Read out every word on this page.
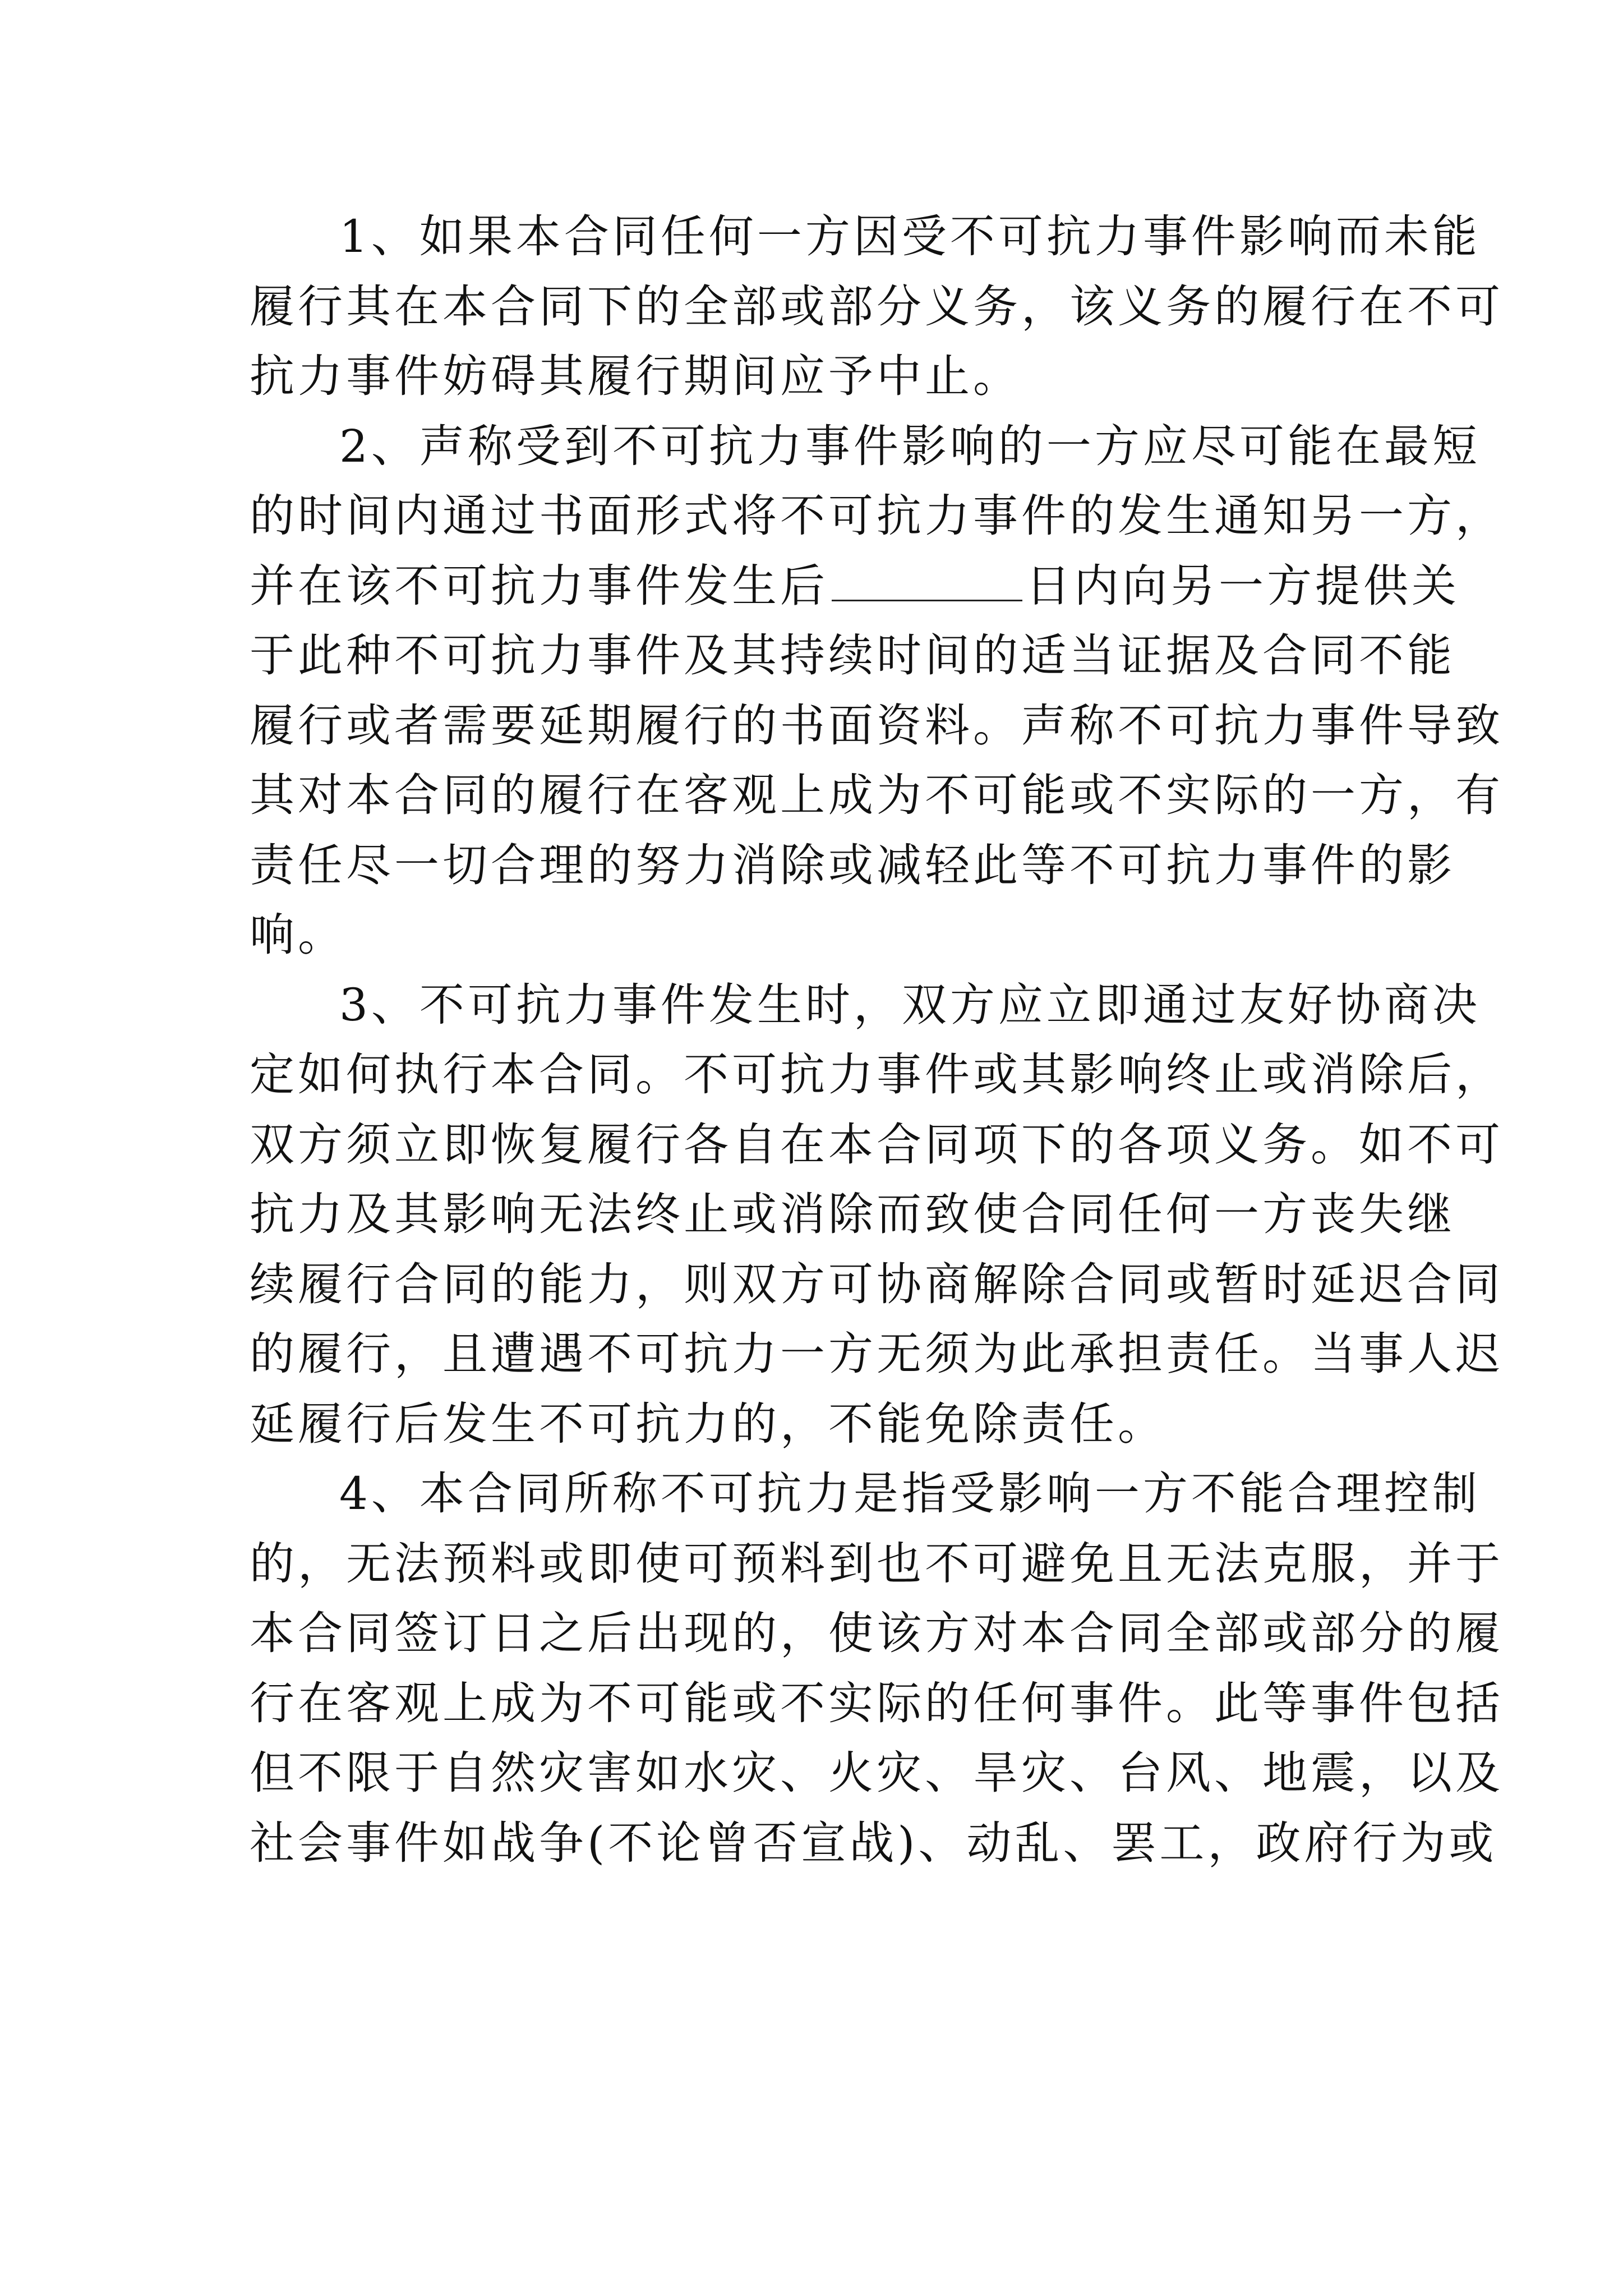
1、如果本合同任何一方因受不可抗力事件影响而未能
履行其在本合同下的全部或部分义务，该义务的履行在不可
抗力事件妨碍其履行期间应予中止。
2、声称受到不可抗力事件影响的一方应尽可能在最短
的时间内通过书面形式将不可抗力事件的发生通知另一方，
并在该不可抗力事件发生后	日内向另一方提供关
于此种不可抗力事件及其持续时间的适当证据及合同不能
履行或者需要延期履行的书面资料。声称不可抗力事件导致
其对本合同的履行在客观上成为不可能或不实际的一方，有
责任尽一切合理的努力消除或减轻此等不可抗力事件的影
响。
3、不可抗力事件发生时，双方应立即通过友好协商决
定如何执行本合同。不可抗力事件或其影响终止或消除后，
双方须立即恢复履行各自在本合同项下的各项义务。如不可
抗力及其影响无法终止或消除而致使合同任何一方丧失继
续履行合同的能力，则双方可协商解除合同或暂时延迟合同
的履行，且遭遇不可抗力一方无须为此承担责任。当事人迟
延履行后发生不可抗力的，不能免除责任。
4、本合同所称不可抗力是指受影响一方不能合理控制
的，无法预料或即使可预料到也不可避免且无法克服，并于
本合同签订日之后出现的，使该方对本合同全部或部分的履
行在客观上成为不可能或不实际的任何事件。此等事件包括
但不限于自然灾害如水灾、火灾、旱灾、台风、地震，以及
社会事件如战争(不论曾否宣战)、动乱、罢工，政府行为或
